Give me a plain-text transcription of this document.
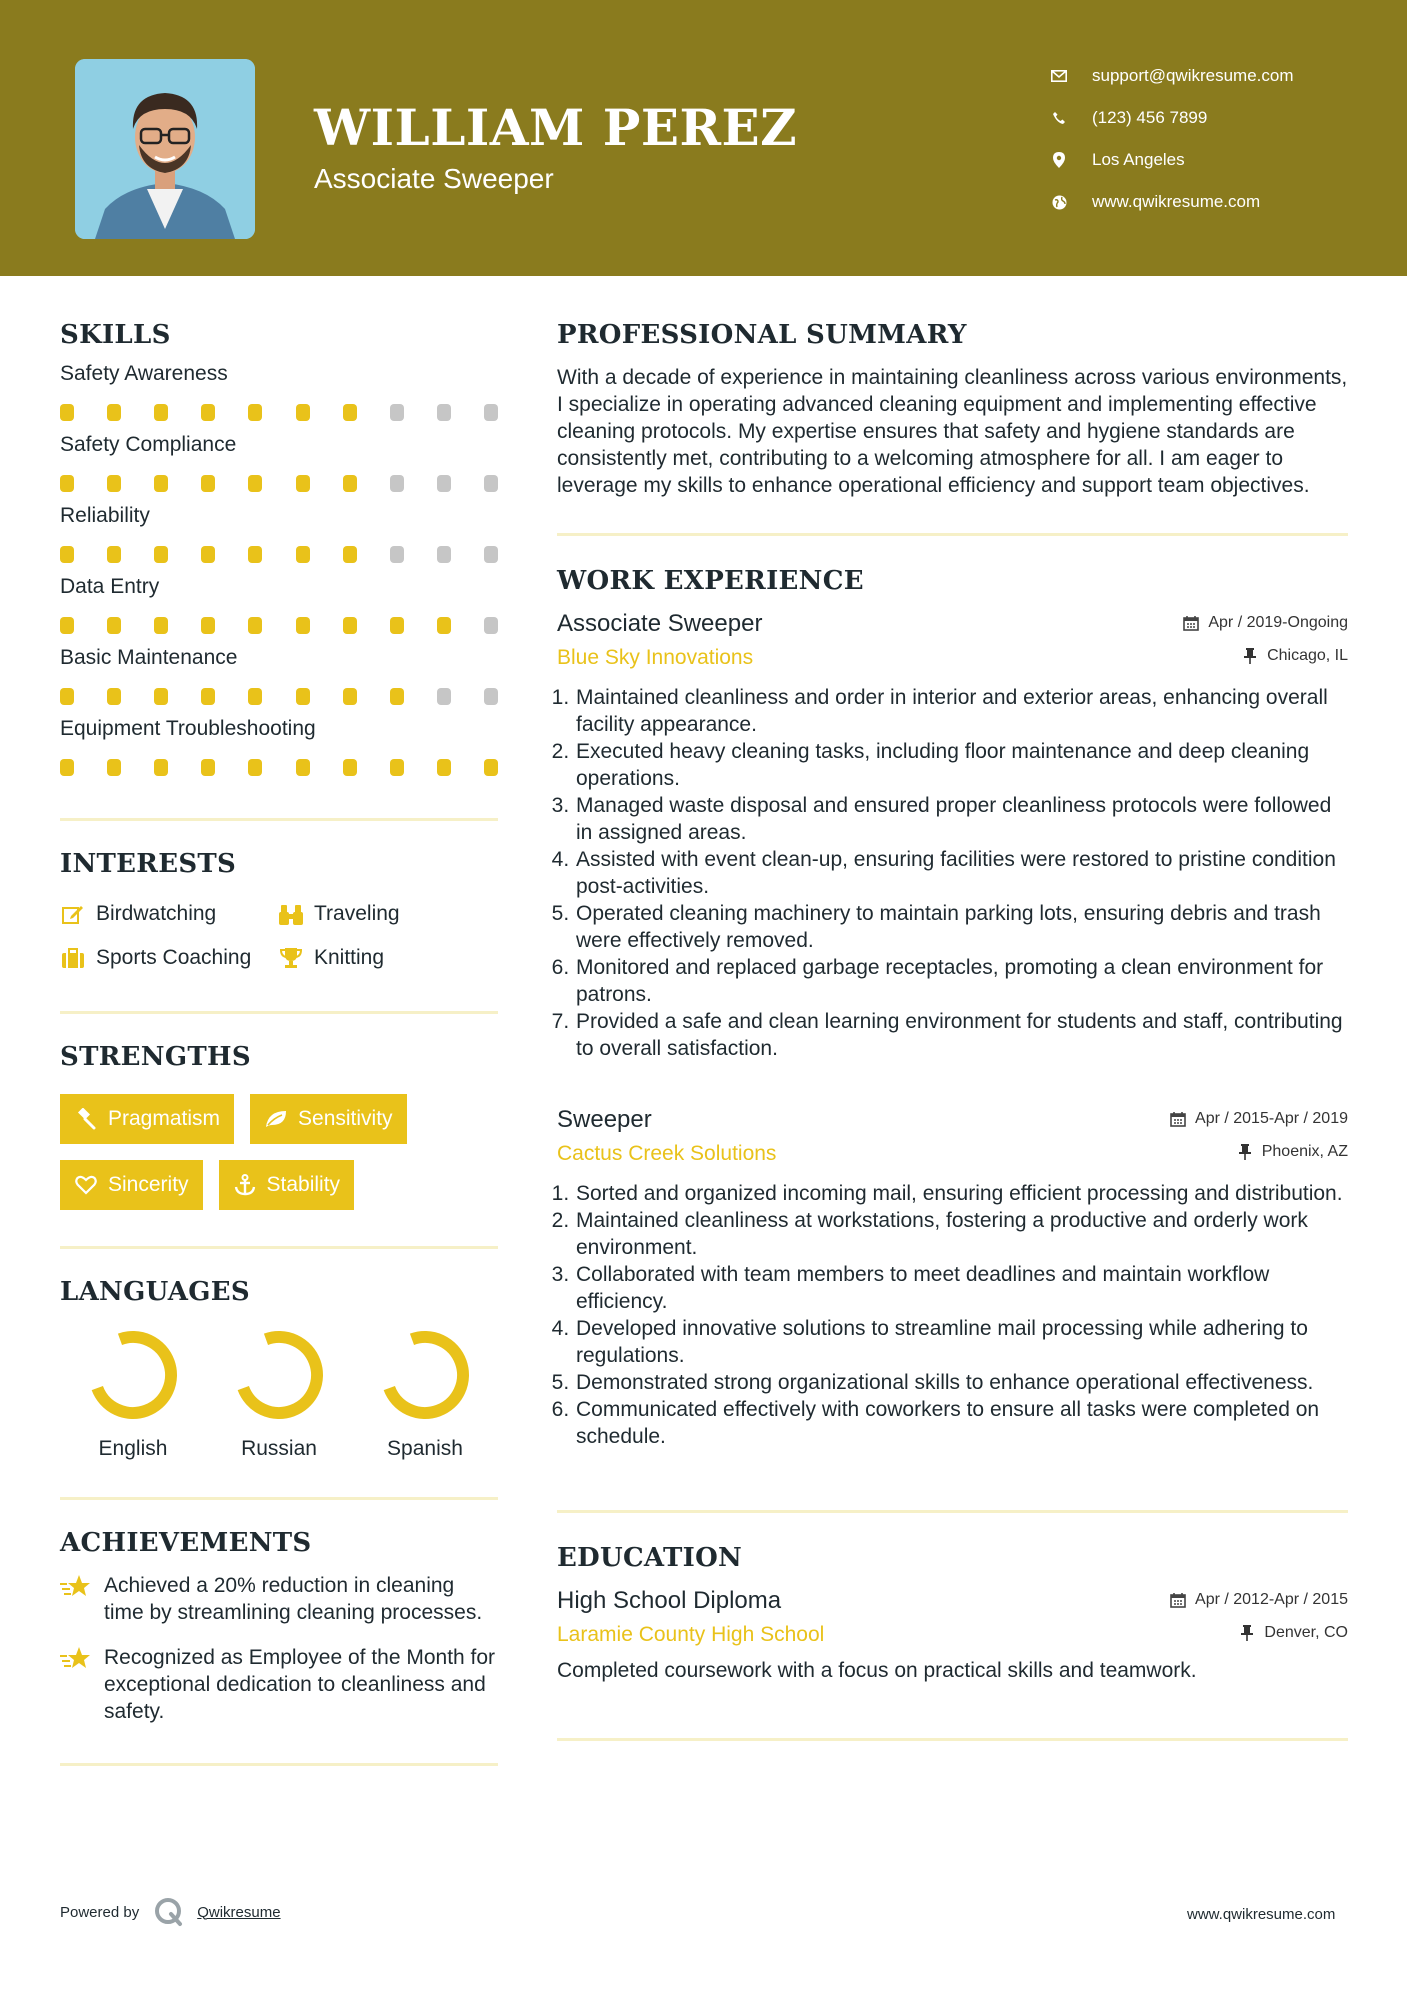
WILLIAM PEREZ
Associate Sweeper
support@qwikresume.com
(123) 456 7899
Los Angeles
www.qwikresume.com
SKILLS
Safety Awareness
Safety Compliance
Reliability
Data Entry
Basic Maintenance
Equipment Troubleshooting
INTERESTS
Birdwatching	Traveling
Sports Coaching	Knitting
STRENGTHS
Pragmatism	Sensitivity
Sincerity	Stability
LANGUAGES
English	Russian	Spanish
ACHIEVEMENTS
Achieved a 20% reduction in cleaning time by streamlining cleaning processes.
Recognized as Employee of the Month for exceptional dedication to cleanliness and safety.
PROFESSIONAL SUMMARY
With a decade of experience in maintaining cleanliness across various environments, I specialize in operating advanced cleaning equipment and implementing effective cleaning protocols. My expertise ensures that safety and hygiene standards are consistently met, contributing to a welcoming atmosphere for all. I am eager to leverage my skills to enhance operational efficiency and support team objectives.
WORK EXPERIENCE
Associate Sweeper	Apr / 2019-Ongoing
Blue Sky Innovations	Chicago, IL
1. Maintained cleanliness and order in interior and exterior areas, enhancing overall facility appearance.
2. Executed heavy cleaning tasks, including floor maintenance and deep cleaning operations.
3. Managed waste disposal and ensured proper cleanliness protocols were followed in assigned areas.
4. Assisted with event clean-up, ensuring facilities were restored to pristine condition post-activities.
5. Operated cleaning machinery to maintain parking lots, ensuring debris and trash were effectively removed.
6. Monitored and replaced garbage receptacles, promoting a clean environment for patrons.
7. Provided a safe and clean learning environment for students and staff, contributing to overall satisfaction.
Sweeper	Apr / 2015-Apr / 2019
Cactus Creek Solutions	Phoenix, AZ
1. Sorted and organized incoming mail, ensuring efficient processing and distribution.
2. Maintained cleanliness at workstations, fostering a productive and orderly work environment.
3. Collaborated with team members to meet deadlines and maintain workflow efficiency.
4. Developed innovative solutions to streamline mail processing while adhering to regulations.
5. Demonstrated strong organizational skills to enhance operational effectiveness.
6. Communicated effectively with coworkers to ensure all tasks were completed on schedule.
EDUCATION
High School Diploma	Apr / 2012-Apr / 2015
Laramie County High School	Denver, CO
Completed coursework with a focus on practical skills and teamwork.
Powered by	Qwikresume	www.qwikresume.com
